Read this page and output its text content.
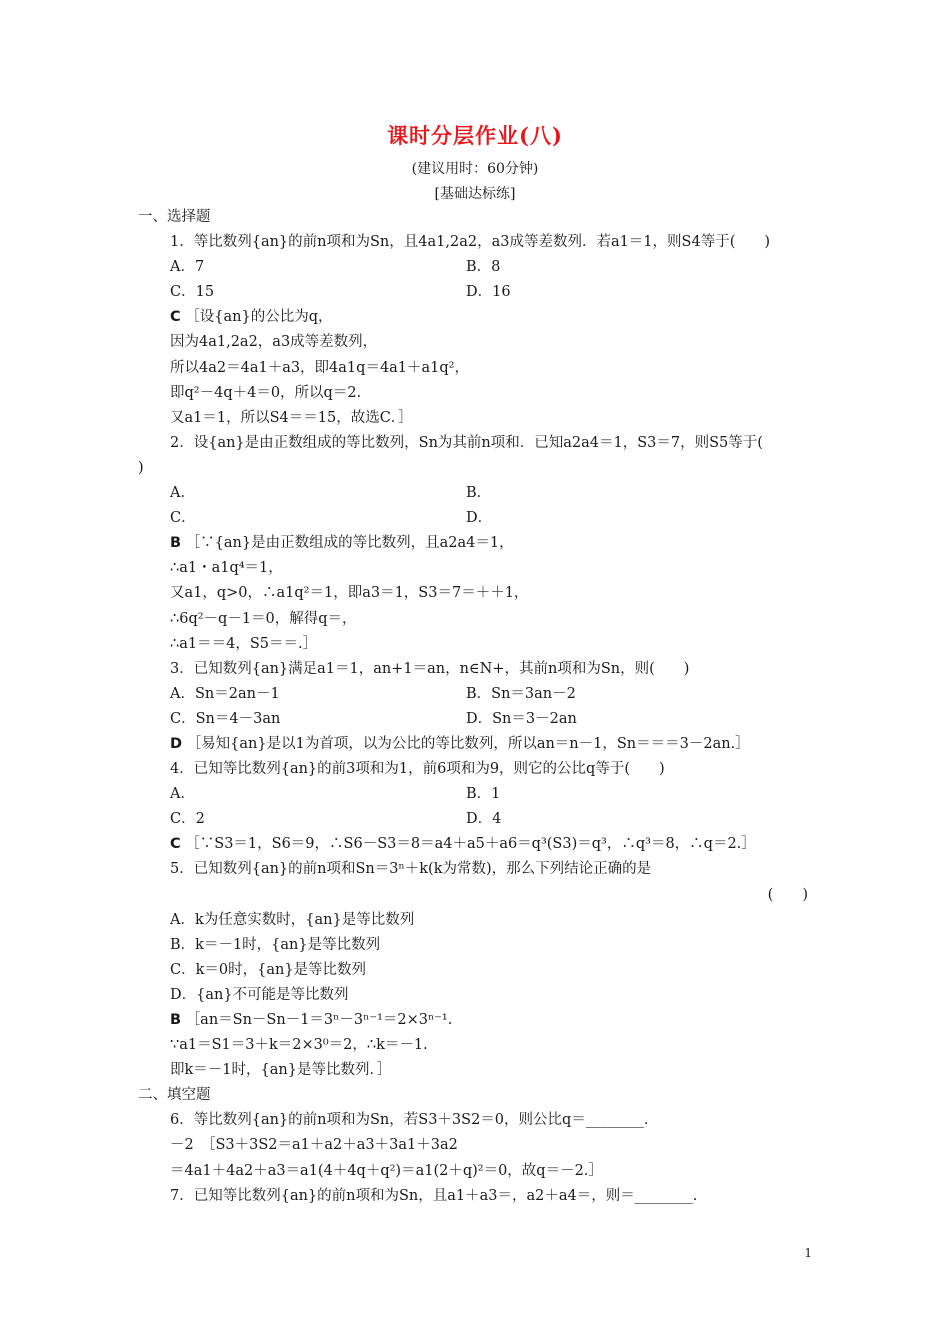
课时分层作业(八)
(建议用时：60分钟)
[基础达标练]
一、选择题
1．等比数列{an}的前n项和为Sn，且4a1,2a2，a3成等差数列．若a1＝1，则S4等于(　　)
A．7	B．8
C．15	D．16
C ［设{an}的公比为q，
因为4a1,2a2，a3成等差数列，
所以4a2＝4a1＋a3，即4a1q＝4a1＋a1q²，
即q²－4q＋4＝0，所以q＝2.
又a1＝1，所以S4＝＝15，故选C．］
2．设{an}是由正数组成的等比数列，Sn为其前n项和．已知a2a4＝1，S3＝7，则S5等于(
)
A．	B．
C．	D．
B ［∵{an}是由正数组成的等比数列，且a2a4＝1，
∴a1・a1q⁴＝1，
又a1，q>0，∴a1q²＝1，即a3＝1，S3＝7＝＋＋1，
∴6q²－q－1＝0，解得q＝，
∴a1＝＝4，S5＝＝.］
3．已知数列{an}满足a1＝1，an+1＝an，n∈N+，其前n项和为Sn，则(　　)
A．Sn＝2an－1	B．Sn＝3an－2
C．Sn＝4－3an	D．Sn＝3－2an
D ［易知{an}是以1为首项，以为公比的等比数列，所以an＝n－1，Sn＝＝＝3－2an.］
4．已知等比数列{an}的前3项和为1，前6项和为9，则它的公比q等于(　　)
A．	B．1
C．2	D．4
C ［∵S3＝1，S6＝9，∴S6－S3＝8＝a4＋a5＋a6＝q³(S3)＝q³，∴q³＝8，∴q＝2.］
5．已知数列{an}的前n项和Sn＝3ⁿ＋k(k为常数)，那么下列结论正确的是
(　　)
A．k为任意实数时，{an}是等比数列
B．k＝－1时，{an}是等比数列
C．k＝0时，{an}是等比数列
D．{an}不可能是等比数列
B ［an＝Sn－Sn－1＝3ⁿ－3ⁿ⁻¹＝2×3ⁿ⁻¹.
∵a1＝S1＝3＋k＝2×3⁰＝2，∴k＝－1.
即k＝－1时，{an}是等比数列．］
二、填空题
6．等比数列{an}的前n项和为Sn，若S3＋3S2＝0，则公比q＝________.
－2　［S3＋3S2＝a1＋a2＋a3＋3a1＋3a2
＝4a1＋4a2＋a3＝a1(4＋4q＋q²)＝a1(2＋q)²＝0，故q＝－2.］
7．已知等比数列{an}的前n项和为Sn，且a1＋a3＝，a2＋a4＝，则＝________.
1
